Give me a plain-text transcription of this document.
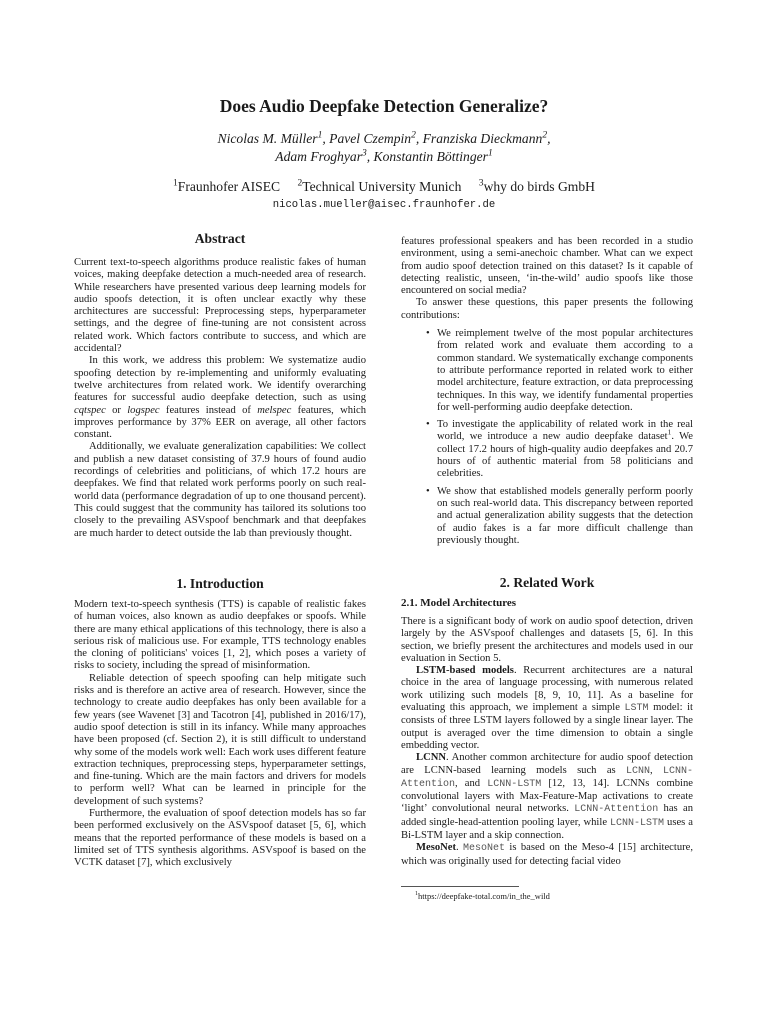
Does Audio Deepfake Detection Generalize?
Nicolas M. Müller$^1$, Pavel Czempin$^2$, Franziska Dieckmann$^2$,
Adam Froghyar$^3$, Konstantin Böttinger$^1$
$^1$Fraunhofer AISEC $^2$Technical University Munich $^3$why do birds GmbH
nicolas.mueller@aisec.fraunhofer.de
Abstract

Current text-to-speech algorithms produce realistic fakes of human voices, making deepfake detection a much-needed area of research. While researchers have presented various deep learning models for audio spoofs detection, it is often unclear exactly why these architectures are successful: Preprocessing steps, hyperparameter settings, and the degree of fine-tuning are not consistent across related work. Which factors contribute to success, and which are accidental?

In this work, we address this problem: We systematize audio spoofing detection by re-implementing and uniformly evaluating twelve architectures from related work. We identify overarching features for successful audio deepfake detection, such as using cqtspec or logspec features instead of melspec features, which improves performance by 37% EER on average, all other factors constant.

Additionally, we evaluate generalization capabilities: We collect and publish a new dataset consisting of 37.9 hours of found audio recordings of celebrities and politicians, of which 17.2 hours are deepfakes. We find that related work performs poorly on such real-world data (performance degradation of up to one thousand percent). This could suggest that the community has tailored its solutions too closely to the prevailing ASVspoof benchmark and that deepfakes are much harder to detect outside the lab than previously thought.

1. Introduction

Modern text-to-speech synthesis (TTS) is capable of realistic fakes of human voices, also known as audio deepfakes or spoofs. While there are many ethical applications of this technology, there is also a serious risk of malicious use. For example, TTS technology enables the cloning of politicians' voices [1, 2], which poses a variety of risks to society, including the spread of misinformation.

Reliable detection of speech spoofing can help mitigate such risks and is therefore an active area of research. However, since the technology to create audio deepfakes has only been available for a few years (see Wavenet [3] and Tacotron [4], published in 2016/17), audio spoof detection is still in its infancy. While many approaches have been proposed (cf. Section 2), it is still difficult to understand why some of the models work well: Each work uses different feature extraction techniques, preprocessing steps, hyperparameter settings, and fine-tuning. Which are the main factors and drivers for models to perform well? What can be learned in principle for the development of such systems?

Furthermore, the evaluation of spoof detection models has so far been performed exclusively on the ASVspoof dataset [5, 6], which means that the reported performance of these models is based on a limited set of TTS synthesis algorithms. ASVspoof is based on the VCTK dataset [7], which exclusively

features professional speakers and has been recorded in a studio environment, using a semi-anechoic chamber. What can we expect from audio spoof detection trained on this dataset? Is it capable of detecting realistic, unseen, ‘in-the-wild’ audio spoofs like those encountered on social media?

To answer these questions, this paper presents the following contributions:

• We reimplement twelve of the most popular architectures from related work and evaluate them according to a common standard. We systematically exchange components to attribute performance reported in related work to either model architecture, feature extraction, or data preprocessing techniques. In this way, we identify fundamental properties for well-performing audio deepfake detection.
• To investigate the applicability of related work in the real world, we introduce a new audio deepfake dataset$^1$. We collect 17.2 hours of high-quality audio deepfakes and 20.7 hours of of authentic material from 58 politicians and celebrities.
• We show that established models generally perform poorly on such real-world data. This discrepancy between reported and actual generalization ability suggests that the detection of audio fakes is a far more difficult challenge than previously thought.
2. Related Work
2.1. Model Architectures

There is a significant body of work on audio spoof detection, driven largely by the ASVspoof challenges and datasets [5, 6]. In this section, we briefly present the architectures and models used in our evaluation in Section 5.

LSTM-based models. Recurrent architectures are a natural choice in the area of language processing, with numerous related work utilizing such models [8, 9, 10, 11]. As a baseline for evaluating this approach, we implement a simple LSTM model: it consists of three LSTM layers followed by a single linear layer. The output is averaged over the time dimension to obtain a single embedding vector.

LCNN. Another common architecture for audio spoof detection are LCNN-based learning models such as LCNN, LCNN-Attention, and LCNN-LSTM [12, 13, 14]. LCNNs combine convolutional layers with Max-Feature-Map activations to create ‘light’ convolutional neural networks. LCNN-Attention has an added single-head-attention pooling layer, while LCNN-LSTM uses a Bi-LSTM layer and a skip connection.

MesoNet. MesoNet is based on the Meso-4 [15] architecture, which was originally used for detecting facial video

$^1$https://deepfake-total.com/in_the_wild
